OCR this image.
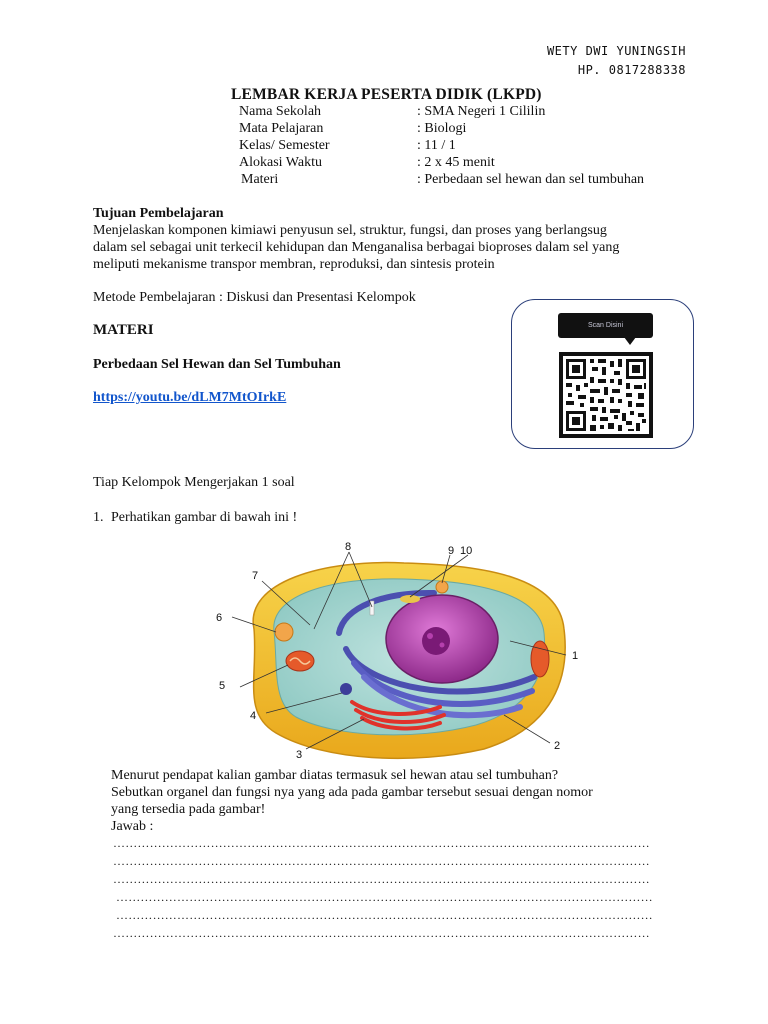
WETY DWI YUNINGSIH
HP. 0817288338
LEMBAR KERJA PESERTA DIDIK (LKPD)
Nama Sekolah	: SMA Negeri 1 Cililin
Mata Pelajaran	: Biologi
Kelas/ Semester	: 11 / 1
Alokasi Waktu	: 2 x 45 menit
Materi	: Perbedaan sel hewan dan sel tumbuhan
Tujuan Pembelajaran
Menjelaskan komponen kimiawi penyusun sel, struktur, fungsi, dan proses yang berlangsug
dalam sel sebagai unit terkecil kehidupan dan Menganalisa berbagai bioproses dalam sel yang
meliputi mekanisme transpor membran, reproduksi, dan sintesis protein
Metode Pembelajaran : Diskusi dan Presentasi Kelompok
MATERI
Perbedaan Sel Hewan dan Sel Tumbuhan
https://youtu.be/dLM7MtOIrkE
Scan Disini
Tiap Kelompok Mengerjakan 1 soal
1. Perhatikan gambar di bawah ini !
8	9 10
7
6
5
4
3
1
2
Menurut pendapat kalian gambar diatas termasuk sel hewan atau sel tumbuhan?
Sebutkan organel dan fungsi nya yang ada pada gambar tersebut sesuai dengan nomor
yang tersedia pada gambar!
Jawab :
……………………………………………………………………………………………………………………
……………………………………………………………………………………………………………………
……………………………………………………………………………………………………………………
……………………………………………………………………………………………………………………
……………………………………………………………………………………………………………………
……………………………………………………………………………………………………………………
